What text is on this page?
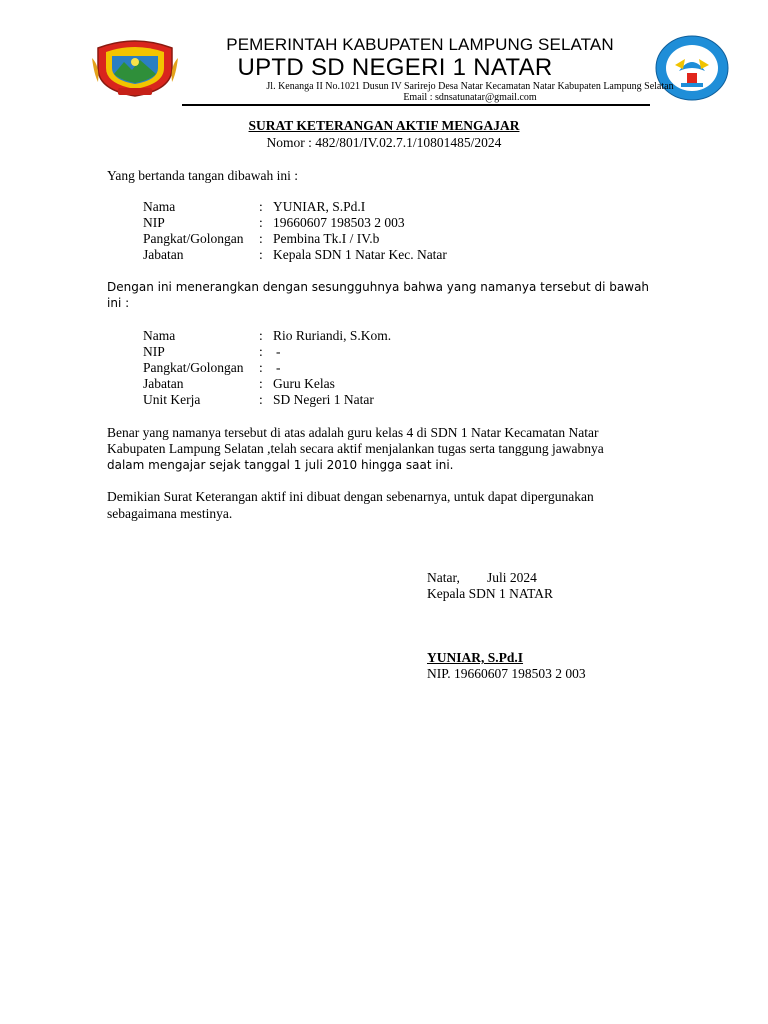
PEMERINTAH KABUPATEN LAMPUNG SELATAN
UPTD SD NEGERI 1 NATAR
Jl. Kenanga II No.1021 Dusun IV Sarirejo Desa Natar Kecamatan Natar Kabupaten Lampung Selatan
Email : sdnsatunatar@gmail.com
SURAT KETERANGAN AKTIF MENGAJAR
Nomor : 482/801/IV.02.7.1/10801485/2024
Yang bertanda tangan dibawah ini :
Nama	: YUNIAR, S.Pd.I
NIP	: 19660607 198503 2 003
Pangkat/Golongan : Pembina Tk.I / IV.b
Jabatan	: Kepala SDN 1 Natar Kec. Natar
Dengan ini menerangkan dengan sesungguhnya bahwa yang namanya tersebut di bawah
ini :
Nama	: Rio Ruriandi, S.Kom.
NIP	: -
Pangkat/Golongan : -
Jabatan	: Guru Kelas
Unit Kerja	: SD Negeri 1 Natar
Benar yang namanya tersebut di atas adalah guru kelas 4 di SDN 1 Natar Kecamatan Natar
Kabupaten Lampung Selatan ,telah secara aktif menjalankan tugas serta tanggung jawabnya
dalam mengajar sejak tanggal 1 juli 2010 hingga saat ini.
Demikian Surat Keterangan aktif ini dibuat dengan sebenarnya, untuk dapat dipergunakan
sebagaimana mestinya.
Natar, Juli 2024
Kepala SDN 1 NATAR
YUNIAR, S.Pd.I
NIP. 19660607 198503 2 003
